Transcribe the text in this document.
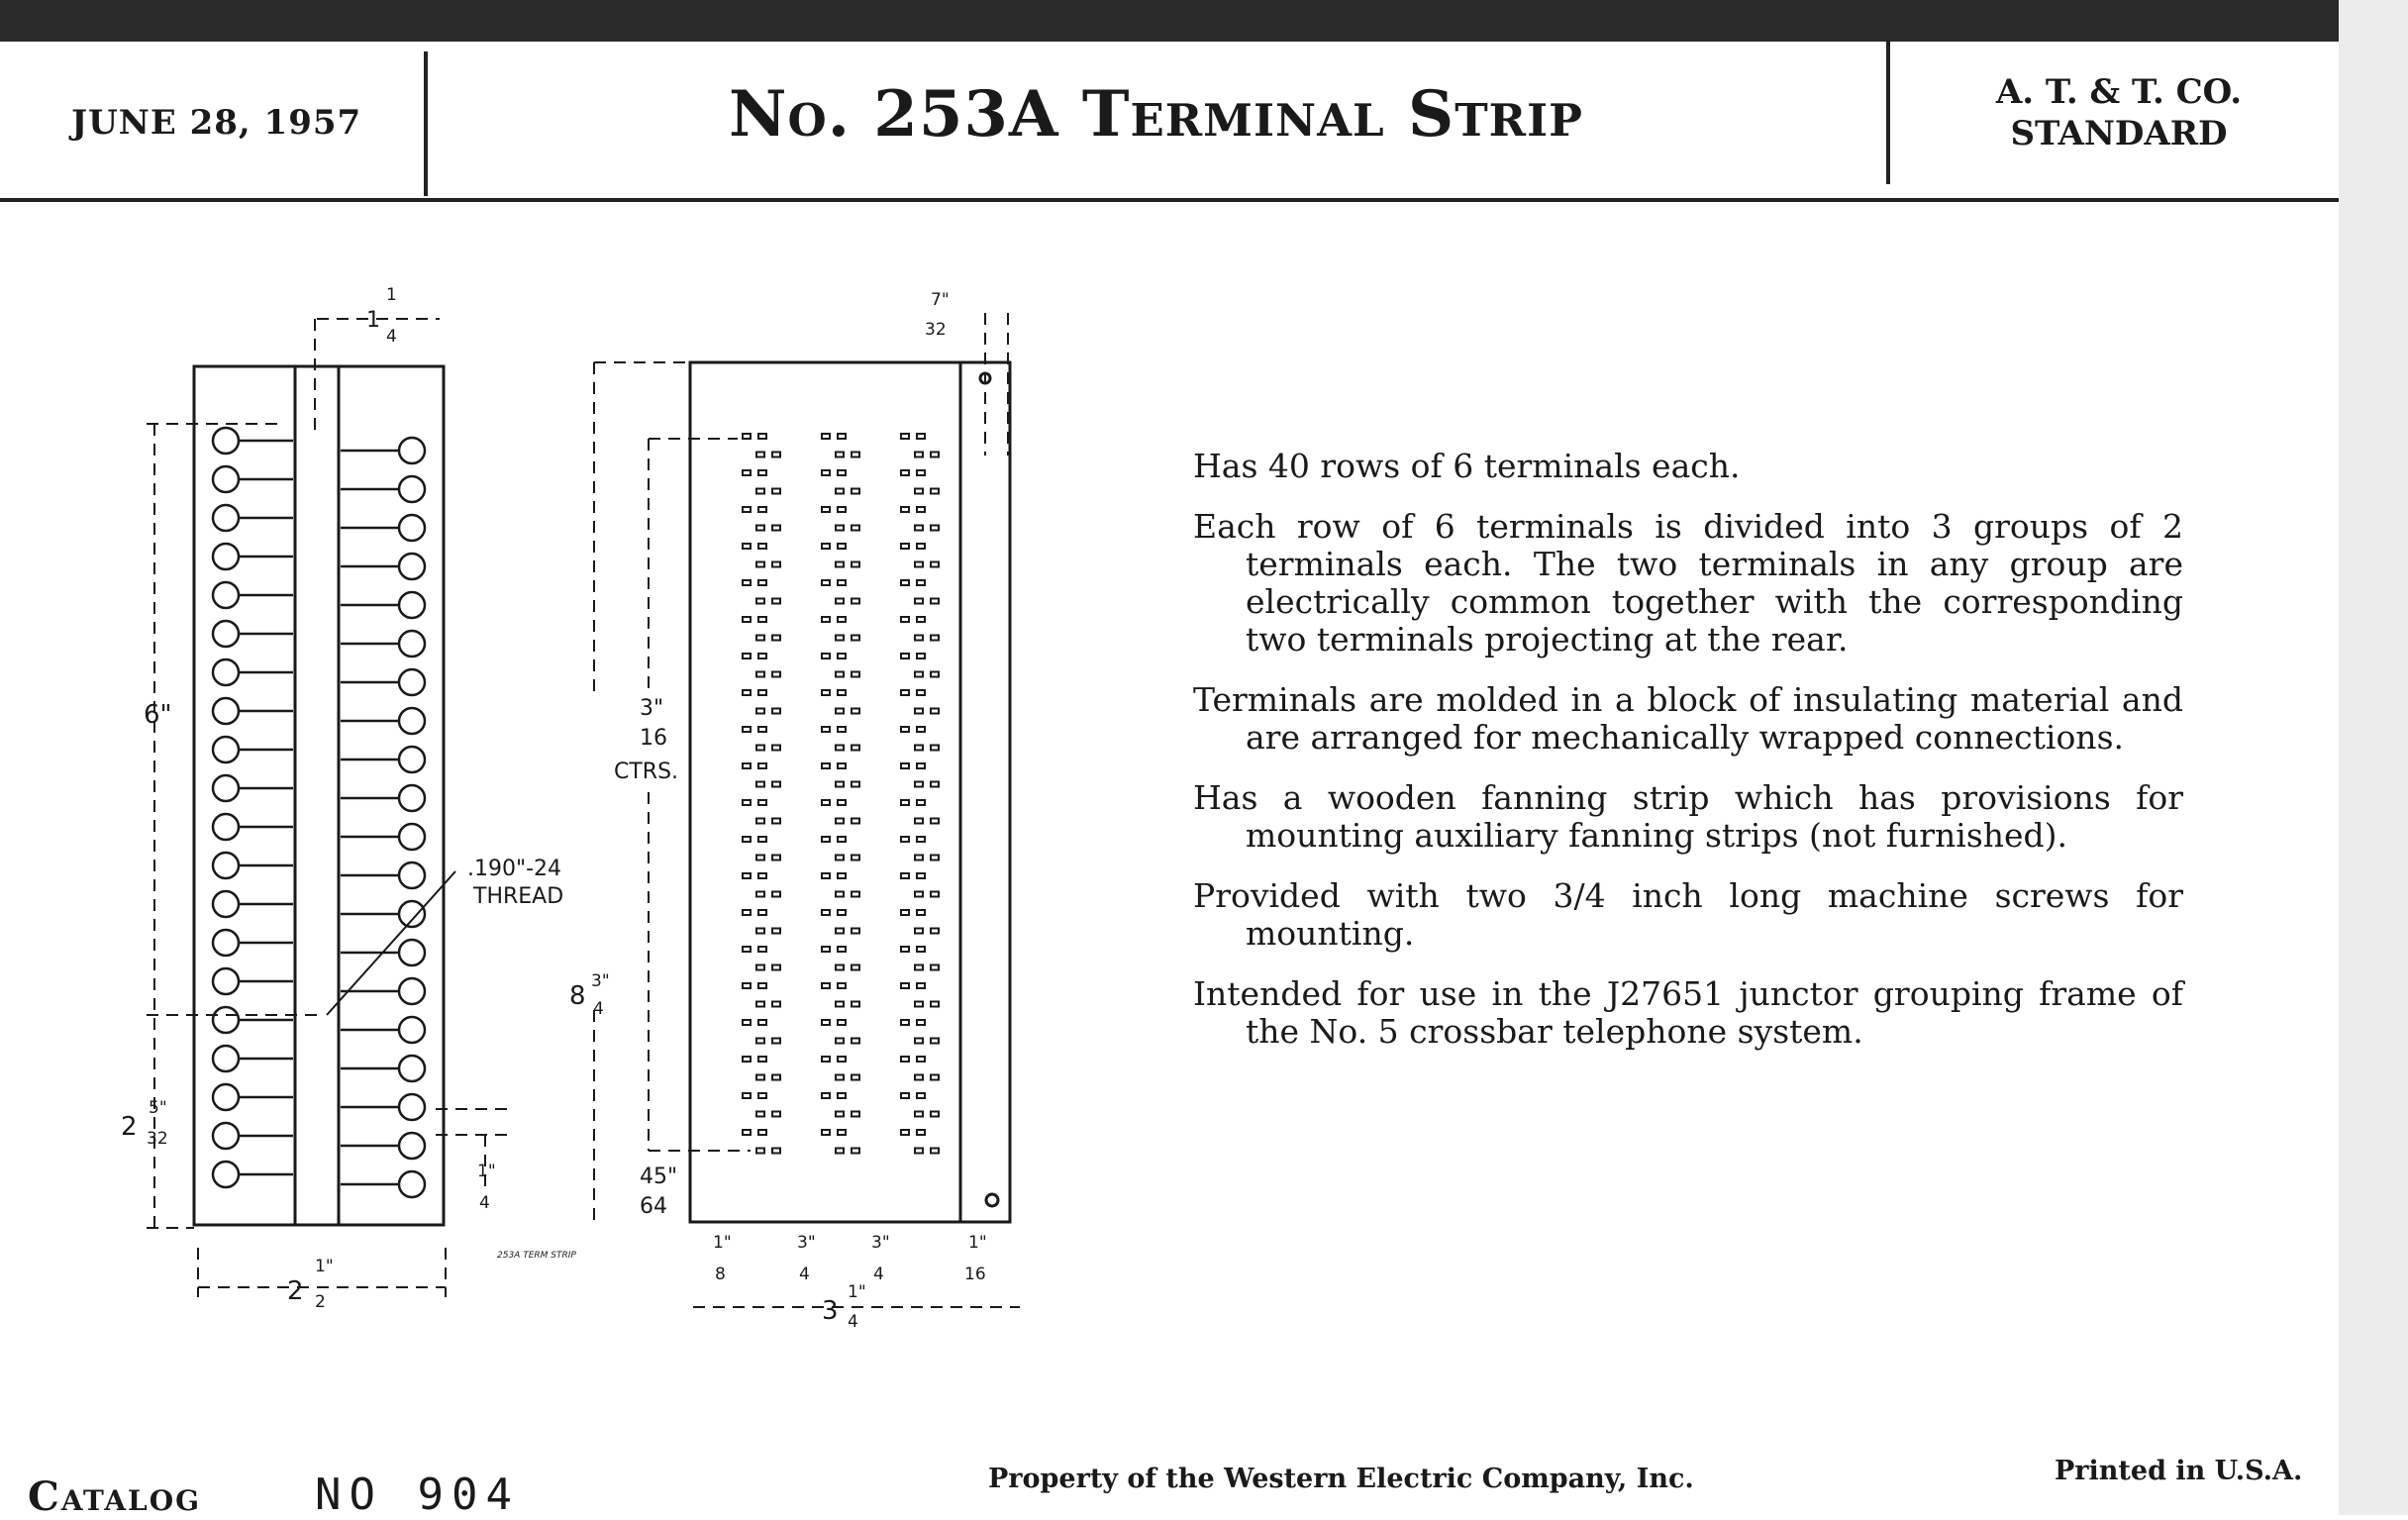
JUNE 28, 1957	No. 253A Terminal Strip	A. T. & T. CO.
STANDARD

Has 40 rows of 6 terminals each.

Each row of 6 terminals is divided into 3 groups of 2 terminals each. The two terminals in any group are electrically common together with the corresponding two terminals projecting at the rear.

Terminals are molded in a block of insulating material and are arranged for mechanically wrapped connections.

Has a wooden fanning strip which has provisions for mounting auxiliary fanning strips (not furnished).

Provided with two 3/4 inch long machine screws for mounting.

Intended for use in the J27651 junctor grouping frame of the No. 5 crossbar telephone system.

1
1
4
6"
2
5"
32
1"
4
2
1"
2
.190"-24
THREAD
3"
16
CTRS.
8 3"
4
45"
64
7"
32
1"
8
3"
4
3"
4
1"
16
3
1"
4
253A TERM STRIP
Catalog	NO 904	Property of the Western Electric Company, Inc.	Printed in U.S.A.
